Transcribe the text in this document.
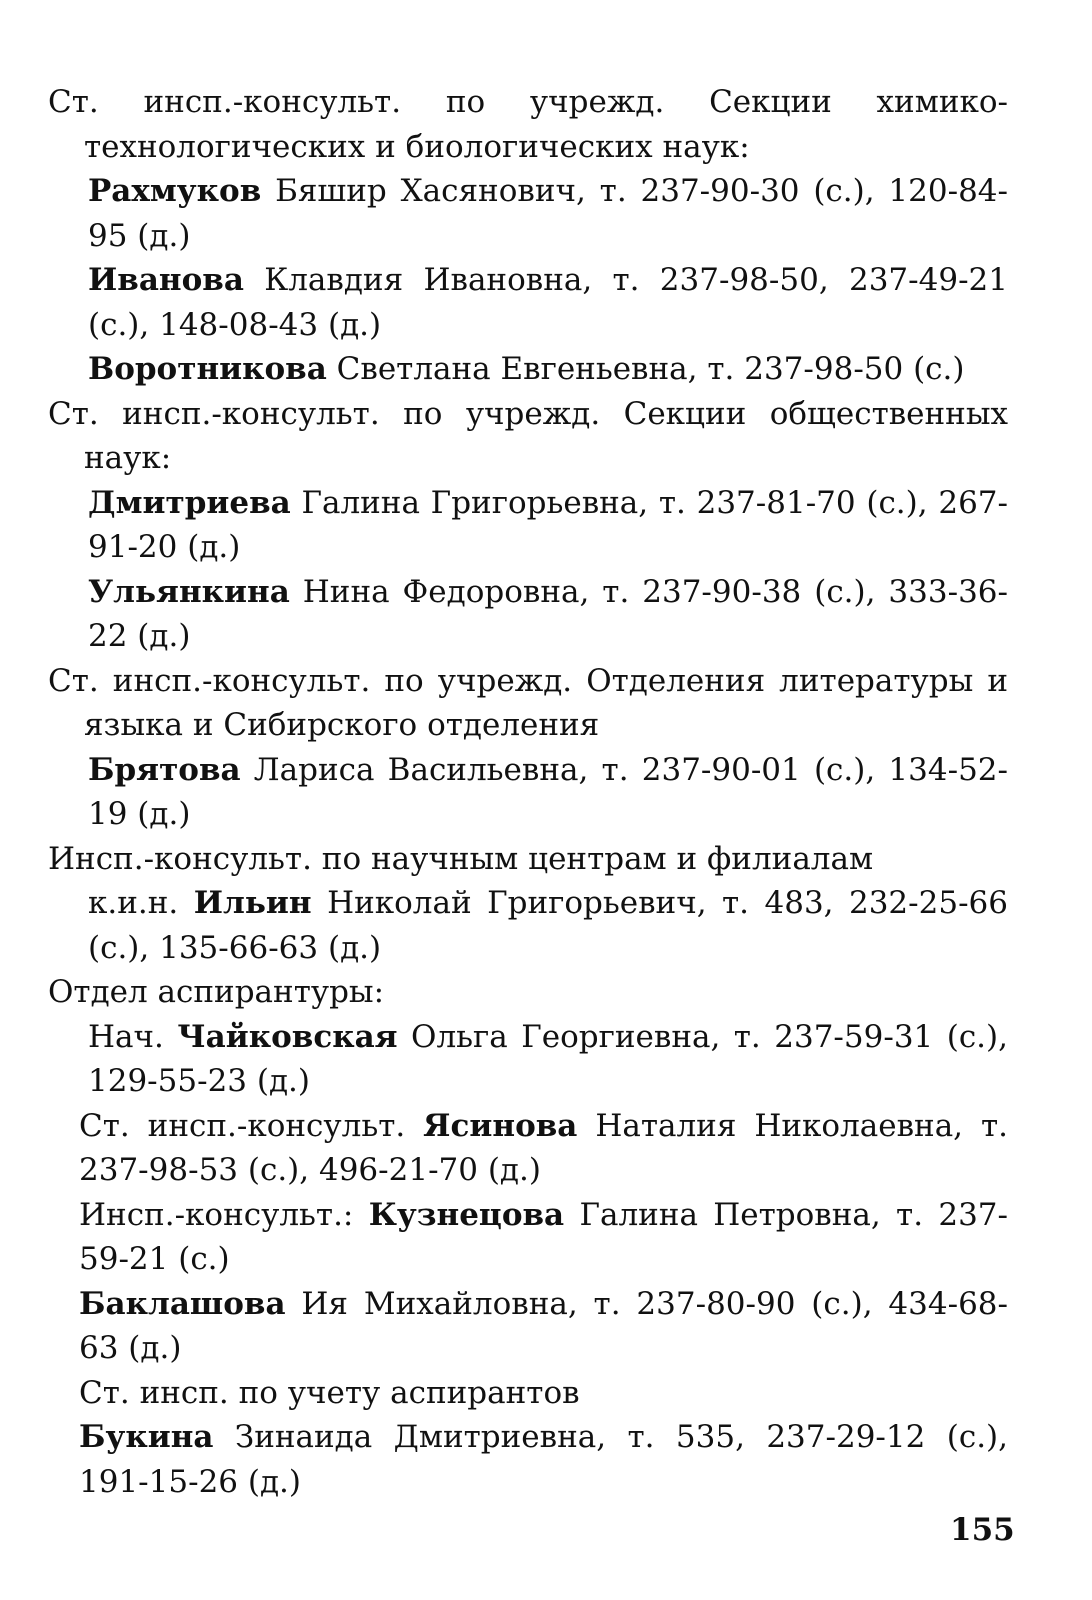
Ст. инсп.-консульт. по учрежд. Секции химико-технологических и биологических наук:
Рахмуков Бяшир Хасянович, т. 237-90-30 (с.), 120-84-95 (д.)
Иванова Клавдия Ивановна, т. 237-98-50, 237-49-21 (с.), 148-08-43 (д.)
Воротникова Светлана Евгеньевна, т. 237-98-50 (с.)
Ст. инсп.-консульт. по учрежд. Секции общественных наук:
Дмитриева Галина Григорьевна, т. 237-81-70 (с.), 267-91-20 (д.)
Ульянкина Нина Федоровна, т. 237-90-38 (с.), 333-36-22 (д.)
Ст. инсп.-консульт. по учрежд. Отделения литературы и языка и Сибирского отделения
Брятова Лариса Васильевна, т. 237-90-01 (с.), 134-52-19 (д.)
Инсп.-консульт. по научным центрам и филиалам
к.и.н. Ильин Николай Григорьевич, т. 483, 232-25-66 (с.), 135-66-63 (д.)
Отдел аспирантуры:
Нач. Чайковская Ольга Георгиевна, т. 237-59-31 (с.), 129-55-23 (д.)
Ст. инсп.-консульт. Ясинова Наталия Николаевна, т. 237-98-53 (с.), 496-21-70 (д.)
Инсп.-консульт.: Кузнецова Галина Петровна, т. 237-59-21 (с.)
Баклашова Ия Михайловна, т. 237-80-90 (с.), 434-68-63 (д.)
Ст. инсп. по учету аспирантов
Букина Зинаида Дмитриевна, т. 535, 237-29-12 (с.), 191-15-26 (д.)
155
